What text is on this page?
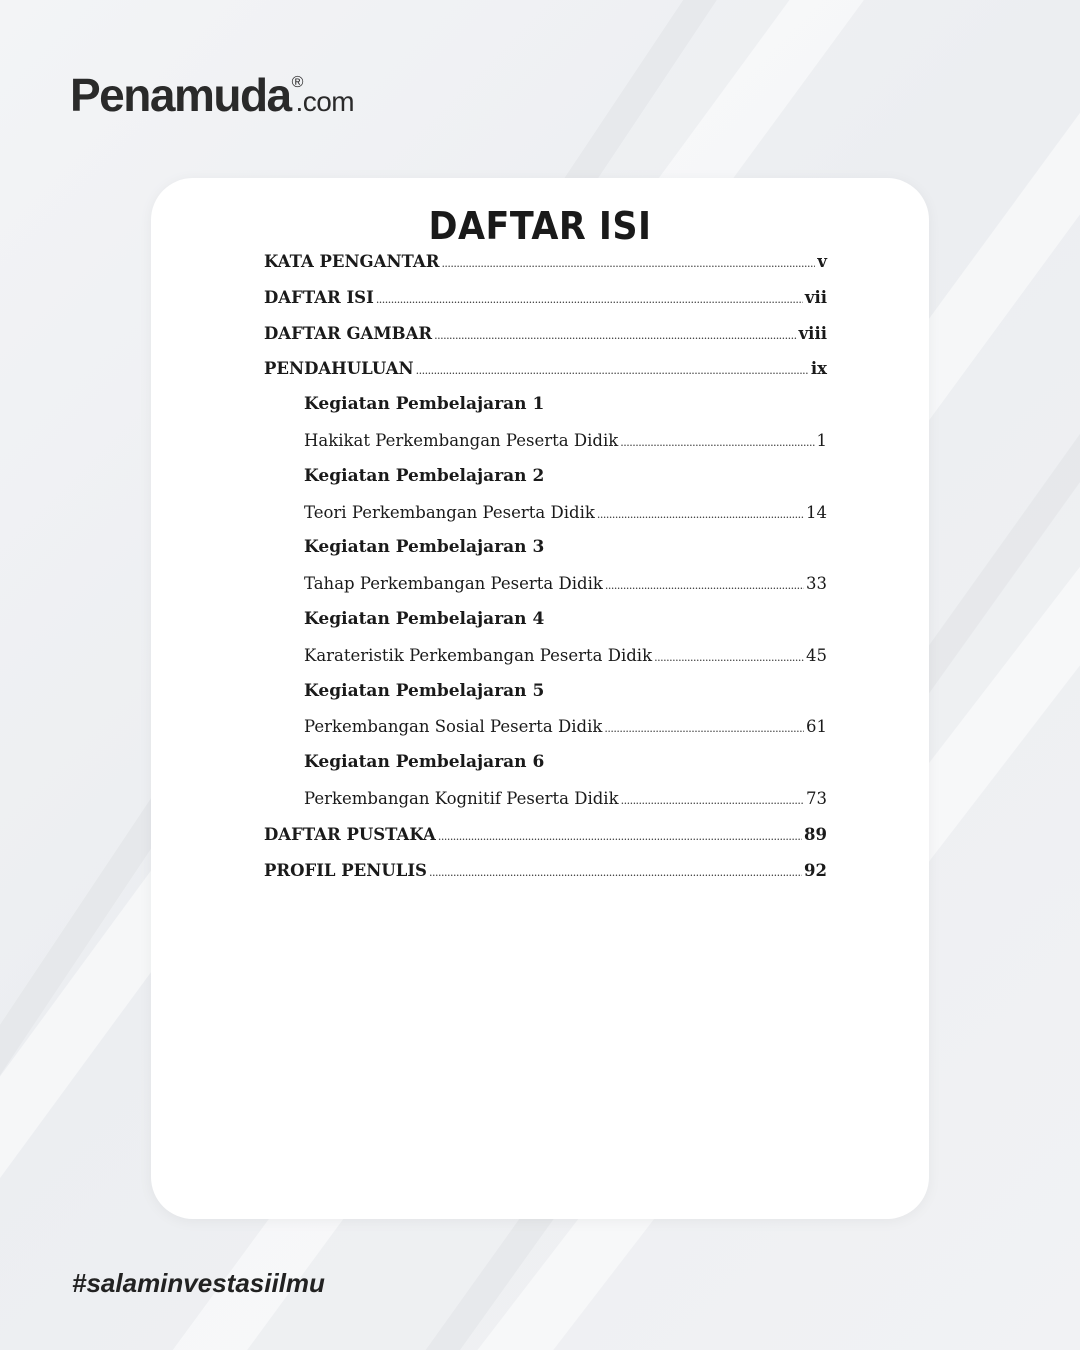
Penamuda®.com
DAFTAR ISI
KATA PENGANTAR .....	v
DAFTAR ISI .....	vii
DAFTAR GAMBAR .....	viii
PENDAHULUAN .....	ix
Kegiatan Pembelajaran 1
Hakikat Perkembangan Peserta Didik .....	1
Kegiatan Pembelajaran 2
Teori Perkembangan Peserta Didik .....	14
Kegiatan Pembelajaran 3
Tahap Perkembangan Peserta Didik .....	33
Kegiatan Pembelajaran 4
Karateristik Perkembangan Peserta Didik .....	45
Kegiatan Pembelajaran 5
Perkembangan Sosial Peserta Didik .....	61
Kegiatan Pembelajaran 6
Perkembangan Kognitif Peserta Didik .....	73
DAFTAR PUSTAKA .....	89
PROFIL PENULIS .....	92
#salaminvestasiilmu
